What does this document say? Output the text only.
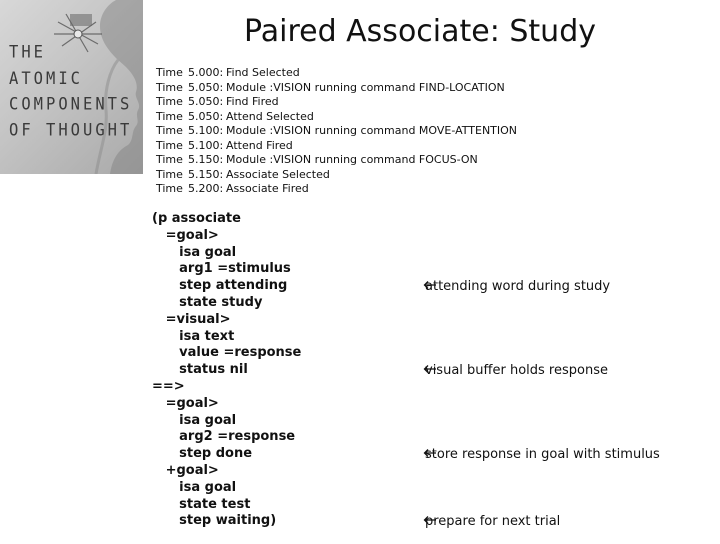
THE
ATOMIC
COMPONENTS
OF THOUGHT
Paired Associate: Study
Time 5.000: Find Selected
Time 5.050: Module :VISION running command FIND-LOCATION
Time 5.050: Find Fired
Time 5.050: Attend Selected
Time 5.100: Module :VISION running command MOVE-ATTENTION
Time 5.100: Attend Fired
Time 5.150: Module :VISION running command FOCUS-ON
Time 5.150: Associate Selected
Time 5.200: Associate Fired
(p associate
=goal>
isa goal
arg1 =stimulus
step attending
state study
=visual>
isa text
value =response
status nil
==>
=goal>
isa goal
arg2 =response
step done
+goal>
isa goal
state test
step waiting)

attending word during study

visual buffer holds response

store response in goal with stimulus

prepare for next trial
